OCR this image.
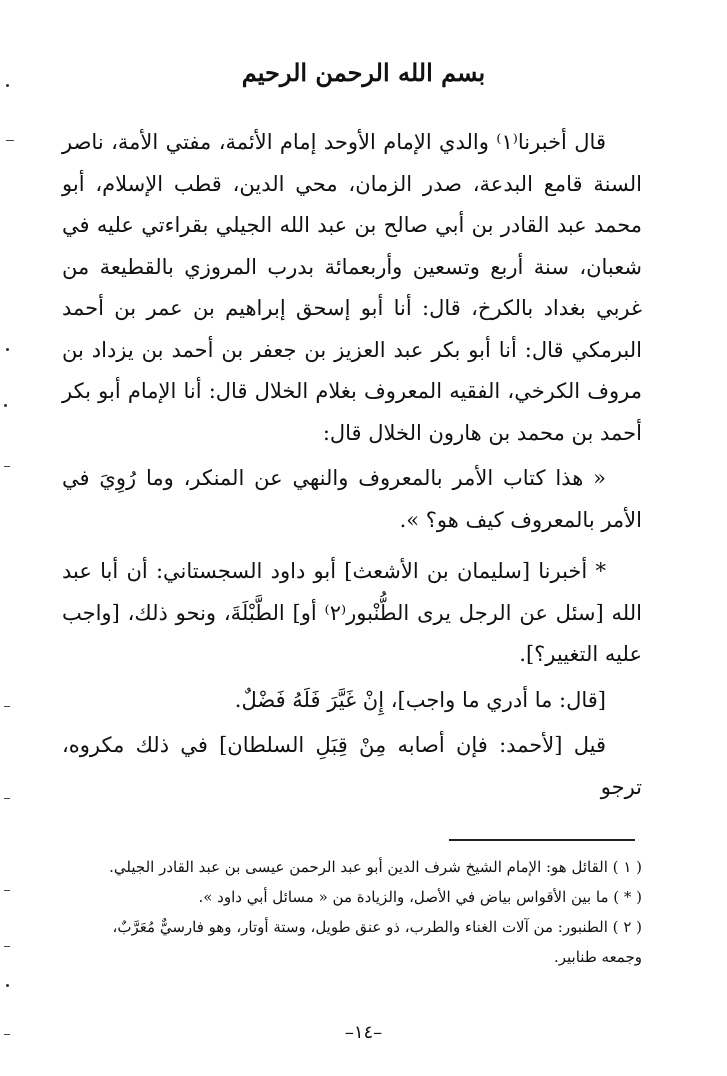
بسم الله الرحمن الرحيم

قال أخبرنا⁽١⁾ والدي الإمام الأوحد إمام الأئمة، مفتي الأمة، ناصر السنة قامع البدعة، صدر الزمان، محي الدين، قطب الإسلام، أبو محمد عبد القادر بن أبي صالح بن عبد الله الجيلي بقراءتي عليه في شعبان، سنة أربع وتسعين وأربعمائة بدرب المروزي بالقطيعة من غربي بغداد بالكرخ، قال: أنا أبو إسحق إبراهيم بن عمر بن أحمد البرمكي قال: أنا أبو بكر عبد العزيز بن جعفر بن أحمد بن يزداد بن مروف الكرخي، الفقيه المعروف بغلام الخلال قال: أنا الإمام أبو بكر أحمد بن محمد بن هارون الخلال قال:

« هذا كتاب الأمر بالمعروف والنهي عن المنكر، وما رُوِيَ في الأمر بالمعروف كيف هو؟ ».

* أخبرنا [سليمان بن الأشعث] أبو داود السجستاني: أن أبا عبد الله [سئل عن الرجل يرى الطُّنْبور⁽٢⁾ أو] الطَّبْلَةَ، ونحو ذلك، [واجب عليه التغيير؟].

[قال: ما أدري ما واجب]، إِنْ غَيَّرَ فَلَهُ فَضْلٌ.

قيل [لأحمد: فإن أصابه مِنْ قِبَلِ السلطان] في ذلك مكروه، ترجو

( ١ ) القائل هو: الإمام الشيخ شرف الدين أبو عبد الرحمن عيسى بن عبد القادر الجيلي.

( * ) ما بين الأقواس بياض في الأصل، والزيادة من « مسائل أبي داود ».

( ٢ ) الطنبور: من آلات الغناء والطرب، ذو عنق طويل، وستة أوتار، وهو فارسيٌّ مُعَرَّبٌ، وجمعه طنابير.

–١٤–
